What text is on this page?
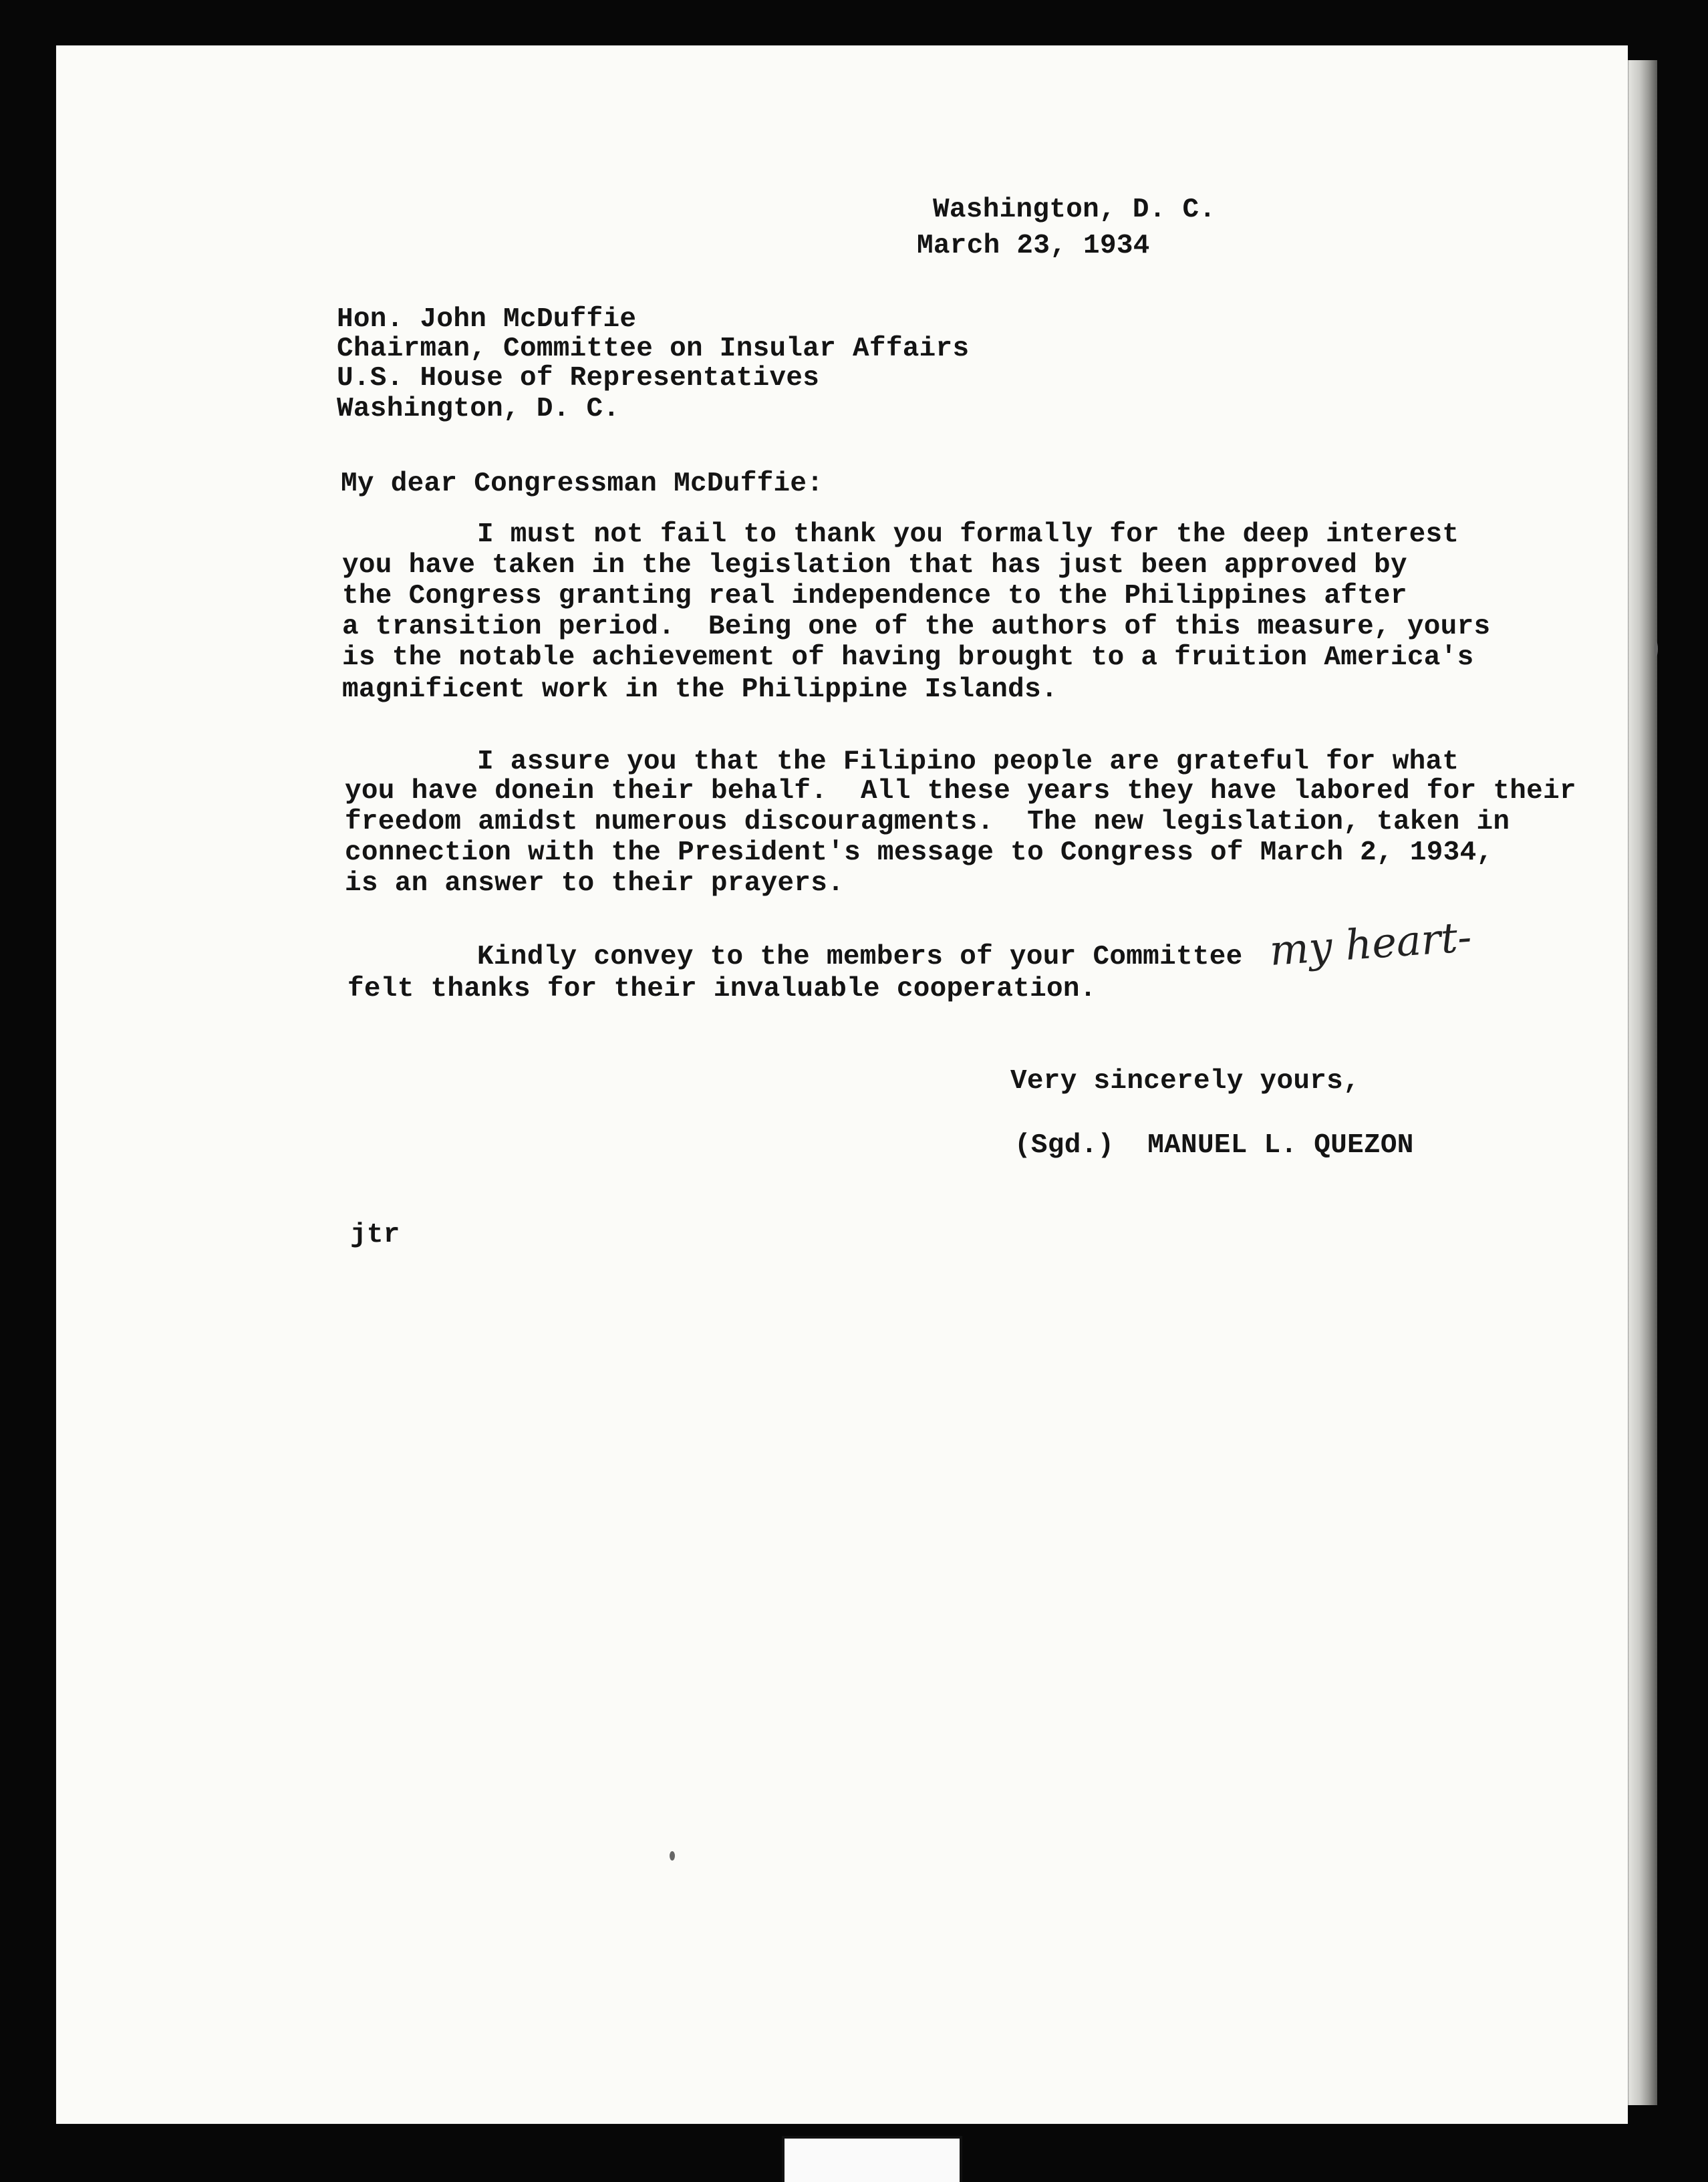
Washington, D. C.
March 23, 1934
Hon. John McDuffie
Chairman, Committee on Insular Affairs
U.S. House of Representatives
Washington, D. C.
My dear Congressman McDuffie:
I must not fail to thank you formally for the deep interest
you have taken in the legislation that has just been approved by
the Congress granting real independence to the Philippines after
a transition period.  Being one of the authors of this measure, yours
is the notable achievement of having brought to a fruition America's
magnificent work in the Philippine Islands.
I assure you that the Filipino people are grateful for what
you have donein their behalf.  All these years they have labored for their
freedom amidst numerous discouragments.  The new legislation, taken in
connection with the President's message to Congress of March 2, 1934,
is an answer to their prayers.
Kindly convey to the members of your Committee my heart-
felt thanks for their invaluable cooperation.
Very sincerely yours,
(Sgd.)  MANUEL L. QUEZON
jtr
